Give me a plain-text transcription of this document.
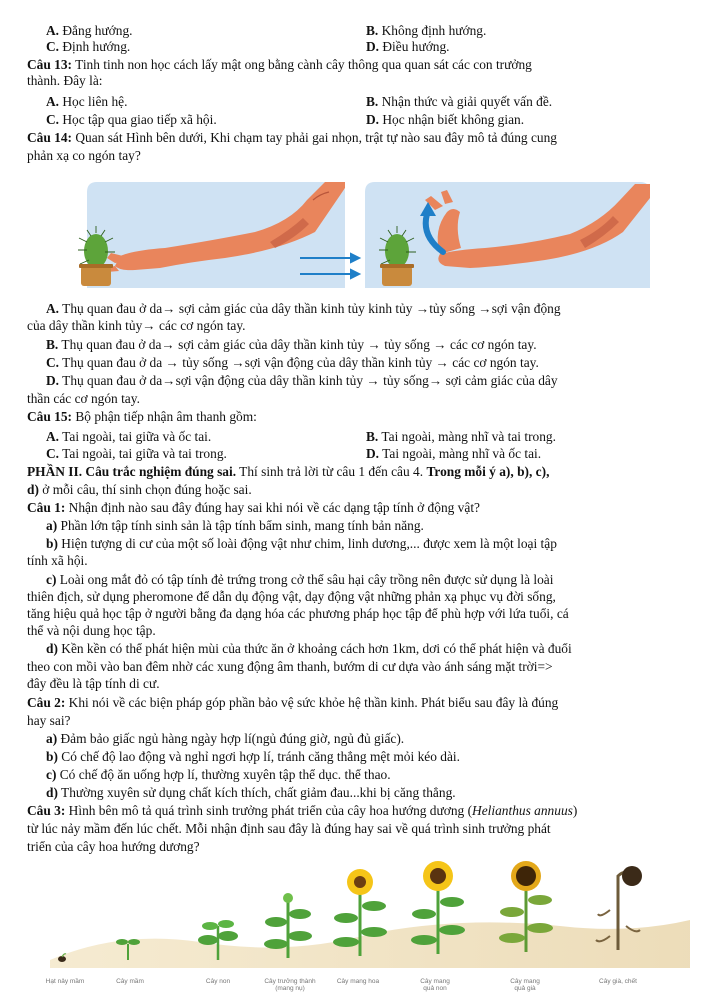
A. Đẳng hướng.	B. Không định hướng.
C. Định hướng.	D. Điều hướng.
Câu 13: Tinh tinh non học cách lấy mật ong bằng cành cây thông qua quan sát các con trưởng
thành. Đây là:
A. Học liên hệ.	B. Nhận thức và giải quyết vấn đề.
C. Học tập qua giao tiếp xã hội.	D. Học nhận biết không gian.
Câu 14: Quan sát Hình bên dưới, Khi chạm tay phải gai nhọn, trật tự nào sau đây mô tả đúng cung
phản xạ co ngón tay?
A. Thụ quan đau ở da→ sợi cảm giác của dây thần kinh tủy kinh tủy →tủy sống →sợi vận động
của dây thần kinh tủy→ các cơ ngón tay.
B. Thụ quan đau ở da→ sợi cảm giác của dây thần kinh tủy → tủy sống → các cơ ngón tay.
C. Thụ quan đau ở da → tủy sống →sợi vận động của dây thần kinh tủy → các cơ ngón tay.
D. Thụ quan đau ở da→sợi vận động của dây thần kinh tủy → tủy sống→ sợi cảm giác của dây
thần các cơ ngón tay.
Câu 15: Bộ phận tiếp nhận âm thanh gồm:
A. Tai ngoài, tai giữa và ốc tai.	B. Tai ngoài, màng nhĩ và tai trong.
C. Tai ngoài, tai giữa và tai trong.	D. Tai ngoài, màng nhĩ và ốc tai.
PHẦN II. Câu trắc nghiệm đúng sai. Thí sinh trả lời từ câu 1 đến câu 4. Trong mỗi ý a), b), c),
d) ở mỗi câu, thí sinh chọn đúng hoặc sai.
Câu 1: Nhận định nào sau đây đúng hay sai khi nói về các dạng tập tính ở động vật?
a) Phần lớn tập tính sinh sản là tập tính bẩm sinh, mang tính bản năng.
b) Hiện tượng di cư của một số loài động vật như chim, linh dương,... được xem là một loại tập
tính xã hội.
c) Loài ong mắt đỏ có tập tính đẻ trứng trong cở thể sâu hại cây trồng nên được sử dụng là loài
thiên địch, sử dụng pheromone để dẫn dụ động vật, dạy động vật những phản xạ phục vụ đời sống,
tăng hiệu quả học tập ở người bằng đa dạng hóa các phương pháp học tập để phù hợp với lứa tuổi, cá
thể và nội dung học tập.
d) Kền kền có thể phát hiện mùi của thức ăn ở khoảng cách hơn 1km, dơi có thể phát hiện và đuổi
theo con mồi vào ban đêm nhờ các xung động âm thanh, bướm di cư dựa vào ánh sáng mặt trời=>
đây đều là tập tính di cư.
Câu 2: Khi nói về các biện pháp góp phần bảo vệ sức khỏe hệ thần kinh. Phát biểu sau đây là đúng
hay sai?
a) Đảm bảo giấc ngủ hàng ngày hợp lí(ngủ đúng giờ, ngủ đủ giấc).
b) Có chế độ lao động và nghỉ ngơi hợp lí, tránh căng thẳng mệt mỏi kéo dài.
c) Có chế độ ăn uống hợp lí, thường xuyên tập thể dục. thể thao.
d) Thường xuyên sử dụng chất kích thích, chất giảm đau...khi bị căng thẳng.
Câu 3: Hình bên mô tả quá trình sinh trưởng phát triển của cây hoa hướng dương (Helianthus annuus)
từ lúc nảy mầm đến lúc chết. Mỗi nhận định sau đây là đúng hay sai về quá trình sinh trưởng phát
triển của cây hoa hướng dương?
Hạt nảy mầm	Cây mầm	Cây non	Cây trưởng thành
(mang nụ)
Cây mang hoa	Cây mang
quả non
Cây mang
quả già
Cây già, chết
